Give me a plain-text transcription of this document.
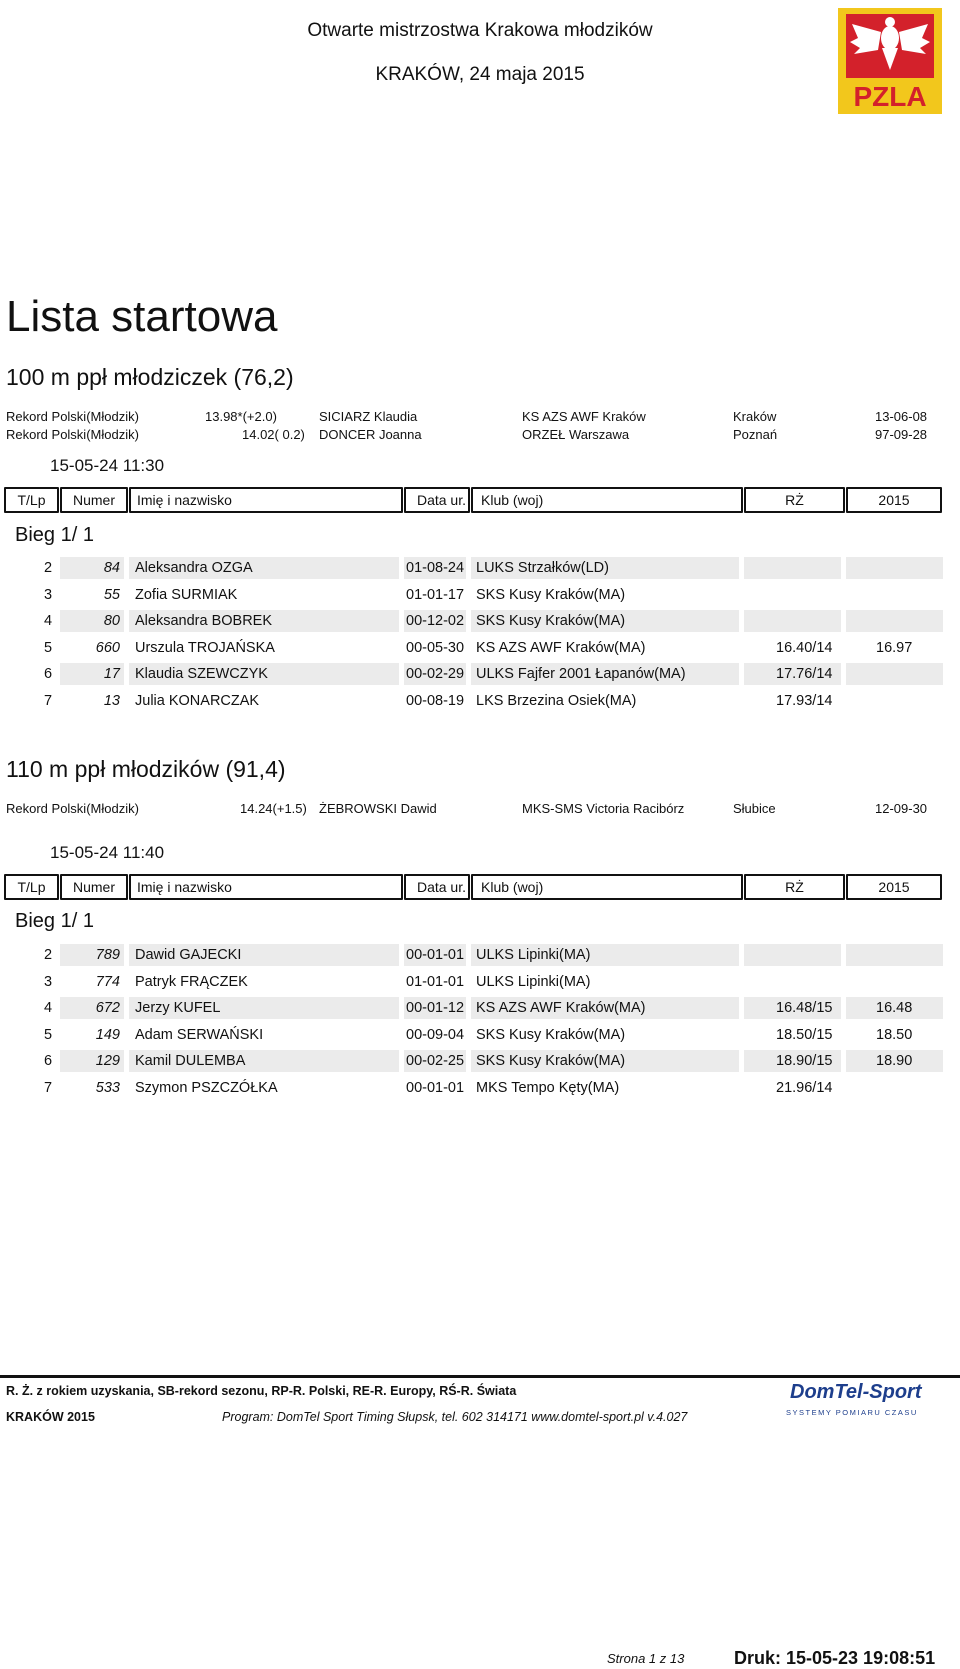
Otwarte mistrzostwa Krakowa młodzików
KRAKÓW, 24 maja 2015
PZLA
Lista startowa
100 m ppł młodziczek (76,2)
Rekord Polski(Młodzik)	13.98*(+2.0)	SICIARZ Klaudia	KS AZS AWF Kraków	Kraków	13-06-08
Rekord Polski(Młodzik)	14.02( 0.2) DONCER Joanna	ORZEŁ Warszawa	Poznań	97-09-28
15-05-24 11:30
T/Lp	Numer	Imię i nazwisko	Data ur.	Klub (woj)	RŻ	2015
Bieg 1/ 1
2	84 Aleksandra OZGA	01-08-24 LUKS Strzałków(LD)
3	55 Zofia SURMIAK	01-01-17 SKS Kusy Kraków(MA)
4	80 Aleksandra BOBREK	00-12-02 SKS Kusy Kraków(MA)
5	660 Urszula TROJAŃSKA	00-05-30 KS AZS AWF Kraków(MA)	16.40/14	16.97
6	17 Klaudia SZEWCZYK	00-02-29 ULKS Fajfer 2001 Łapanów(MA)	17.76/14
7	13 Julia KONARCZAK	00-08-19 LKS Brzezina Osiek(MA)	17.93/14
110 m ppł młodzików (91,4)
Rekord Polski(Młodzik)	14.24(+1.5) ŻEBROWSKI Dawid	MKS-SMS Victoria Racibórz	Słubice	12-09-30
15-05-24 11:40
T/Lp	Numer	Imię i nazwisko	Data ur.	Klub (woj)	RŻ	2015
Bieg 1/ 1
2	789 Dawid GAJECKI	00-01-01 ULKS Lipinki(MA)
3	774 Patryk FRĄCZEK	01-01-01 ULKS Lipinki(MA)
4	672 Jerzy KUFEL	00-01-12 KS AZS AWF Kraków(MA)	16.48/15	16.48
5	149 Adam SERWAŃSKI	00-09-04 SKS Kusy Kraków(MA)	18.50/15	18.50
6	129 Kamil DULEMBA	00-02-25 SKS Kusy Kraków(MA)	18.90/15	18.90
7	533 Szymon PSZCZÓŁKA	00-01-01 MKS Tempo Kęty(MA)	21.96/14
Strona 1 z 13	Druk: 15-05-23 19:08:51
R. Ż. z rokiem uzyskania, SB-rekord sezonu, RP-R. Polski, RE-R. Europy, RŚ-R. Świata
KRAKÓW 2015	Program: DomTel Sport Timing Słupsk, tel. 602 314171 www.domtel-sport.pl v.4.027
DomTel-Sport
SYSTEMY POMIARU CZASU
